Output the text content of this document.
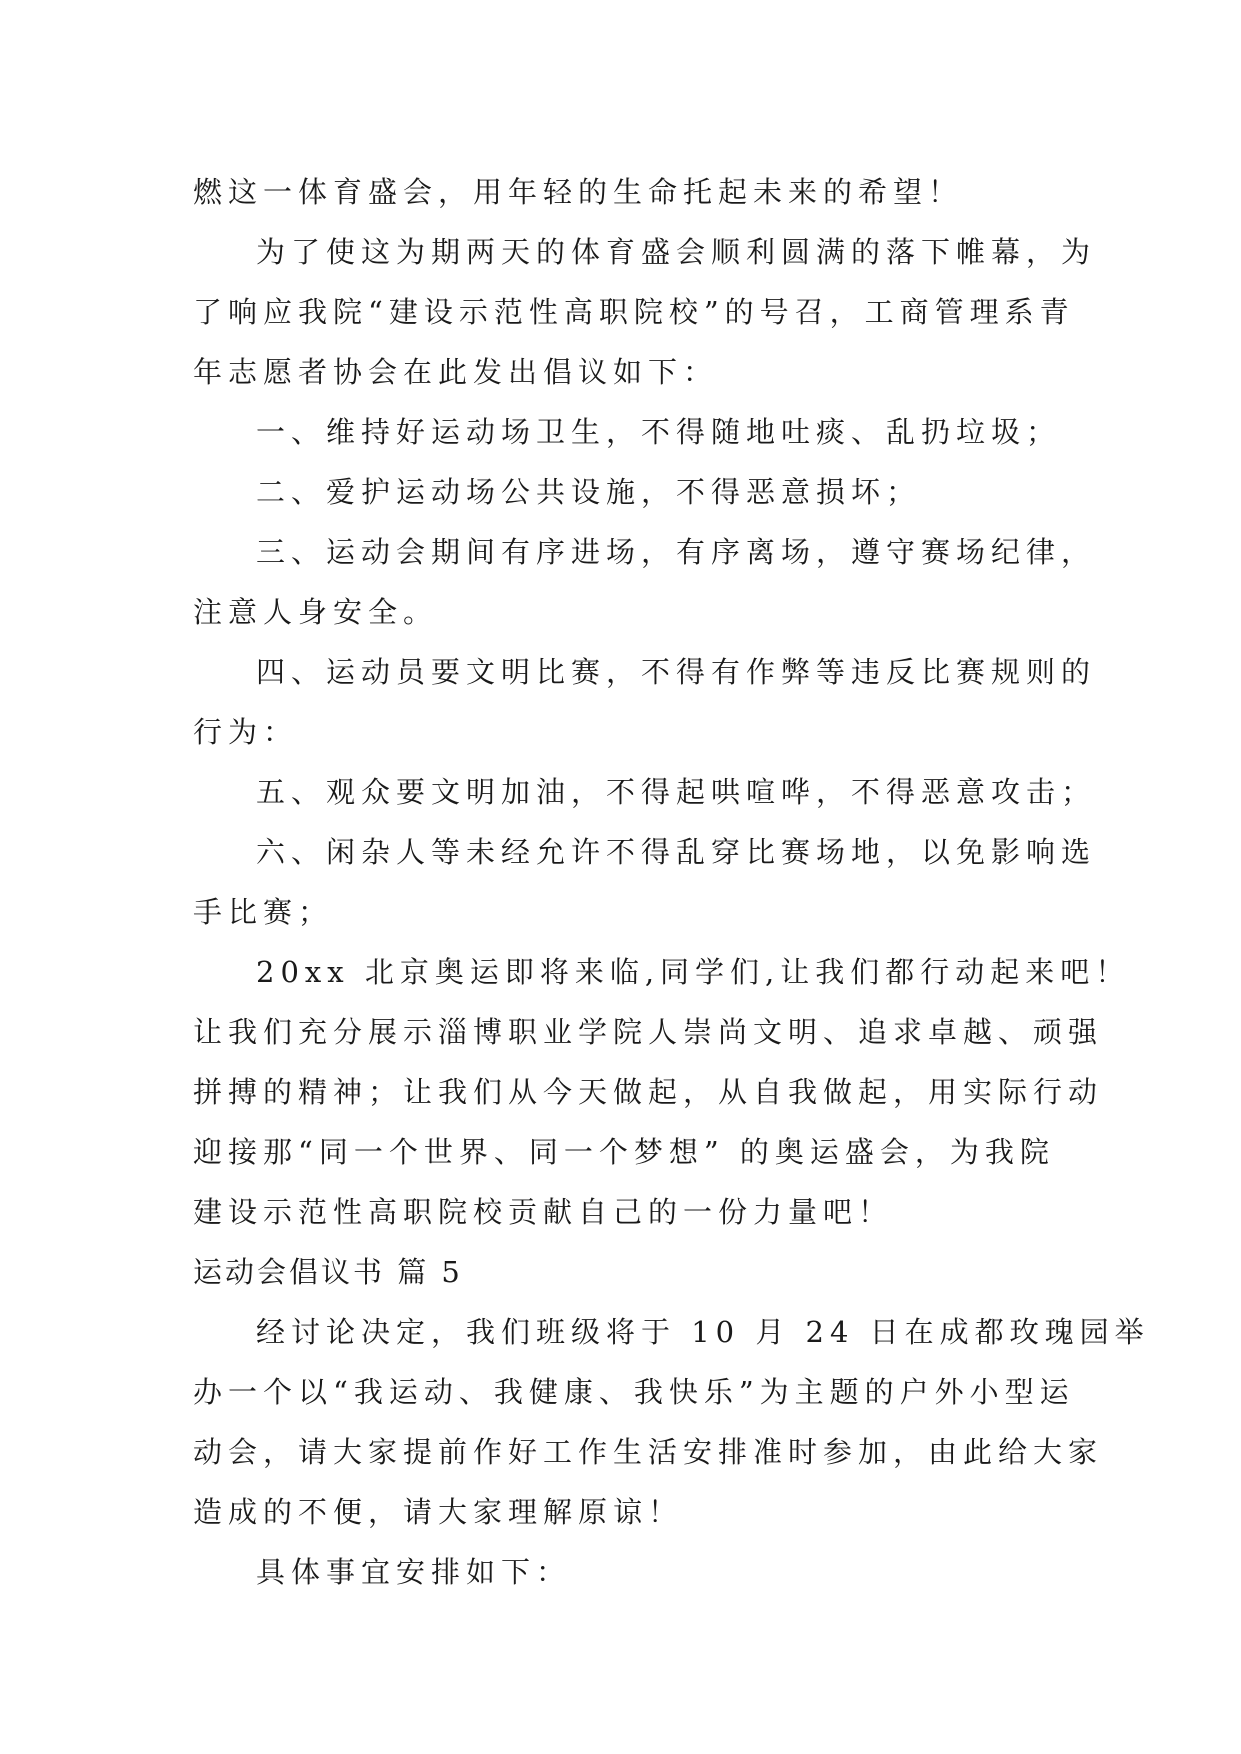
燃这一体育盛会，用年轻的生命托起未来的希望！
为了使这为期两天的体育盛会顺利圆满的落下帷幕，为
了响应我院“建设示范性高职院校”的号召，工商管理系青
年志愿者协会在此发出倡议如下：
一、维持好运动场卫生，不得随地吐痰、乱扔垃圾；
二、爱护运动场公共设施，不得恶意损坏；
三、运动会期间有序进场，有序离场，遵守赛场纪律，
注意人身安全。
四、运动员要文明比赛，不得有作弊等违反比赛规则的
行为：
五、观众要文明加油，不得起哄喧哗，不得恶意攻击；
六、闲杂人等未经允许不得乱穿比赛场地，以免影响选
手比赛；
20xx 北京奥运即将来临,同学们,让我们都行动起来吧！
让我们充分展示淄博职业学院人崇尚文明、追求卓越、顽强
拼搏的精神；让我们从今天做起，从自我做起，用实际行动
迎接那“同一个世界、同一个梦想” 的奥运盛会，为我院
建设示范性高职院校贡献自己的一份力量吧！
运动会倡议书 篇 5
经讨论决定，我们班级将于 10 月 24 日在成都玫瑰园举
办一个以“我运动、我健康、我快乐”为主题的户外小型运
动会，请大家提前作好工作生活安排准时参加，由此给大家
造成的不便，请大家理解原谅！
具体事宜安排如下：
